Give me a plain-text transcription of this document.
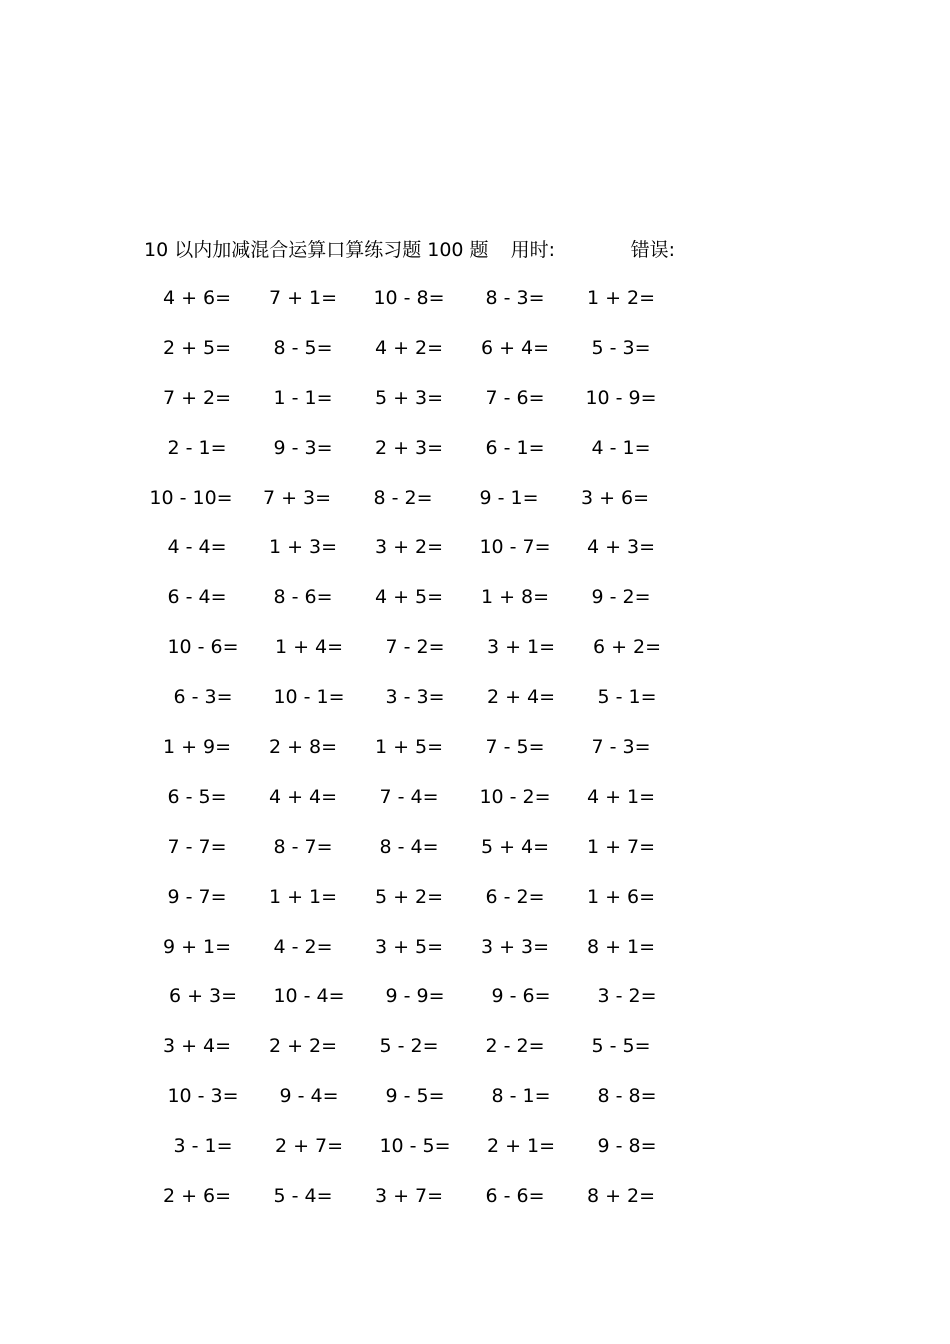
10 以内加减混合运算口算练习题 100 题 用时:	错误:
4 + 6=	7 + 1=	10 - 8=	8 - 3=	1 + 2=
2 + 5=	8 - 5=	4 + 2=	6 + 4=	5 - 3=
7 + 2=	1 - 1=	5 + 3=	7 - 6=	10 - 9=
2 - 1=	9 - 3=	2 + 3=	6 - 1=	4 - 1=
10 - 10=	7 + 3=	8 - 2=	9 - 1=	3 + 6=
4 - 4=	1 + 3=	3 + 2=	10 - 7=	4 + 3=
6 - 4=	8 - 6=	4 + 5=	1 + 8=	9 - 2=
10 - 6=	1 + 4=	7 - 2=	3 + 1=	6 + 2=
6 - 3=	10 - 1=	3 - 3=	2 + 4=	5 - 1=
1 + 9=	2 + 8=	1 + 5=	7 - 5=	7 - 3=
6 - 5=	4 + 4=	7 - 4=	10 - 2=	4 + 1=
7 - 7=	8 - 7=	8 - 4=	5 + 4=	1 + 7=
9 - 7=	1 + 1=	5 + 2=	6 - 2=	1 + 6=
9 + 1=	4 - 2=	3 + 5=	3 + 3=	8 + 1=
6 + 3=	10 - 4=	9 - 9=	9 - 6=	3 - 2=
3 + 4=	2 + 2=	5 - 2=	2 - 2=	5 - 5=
10 - 3=	9 - 4=	9 - 5=	8 - 1=	8 - 8=
3 - 1=	2 + 7=	10 - 5=	2 + 1=	9 - 8=
2 + 6=	5 - 4=	3 + 7=	6 - 6=	8 + 2=
